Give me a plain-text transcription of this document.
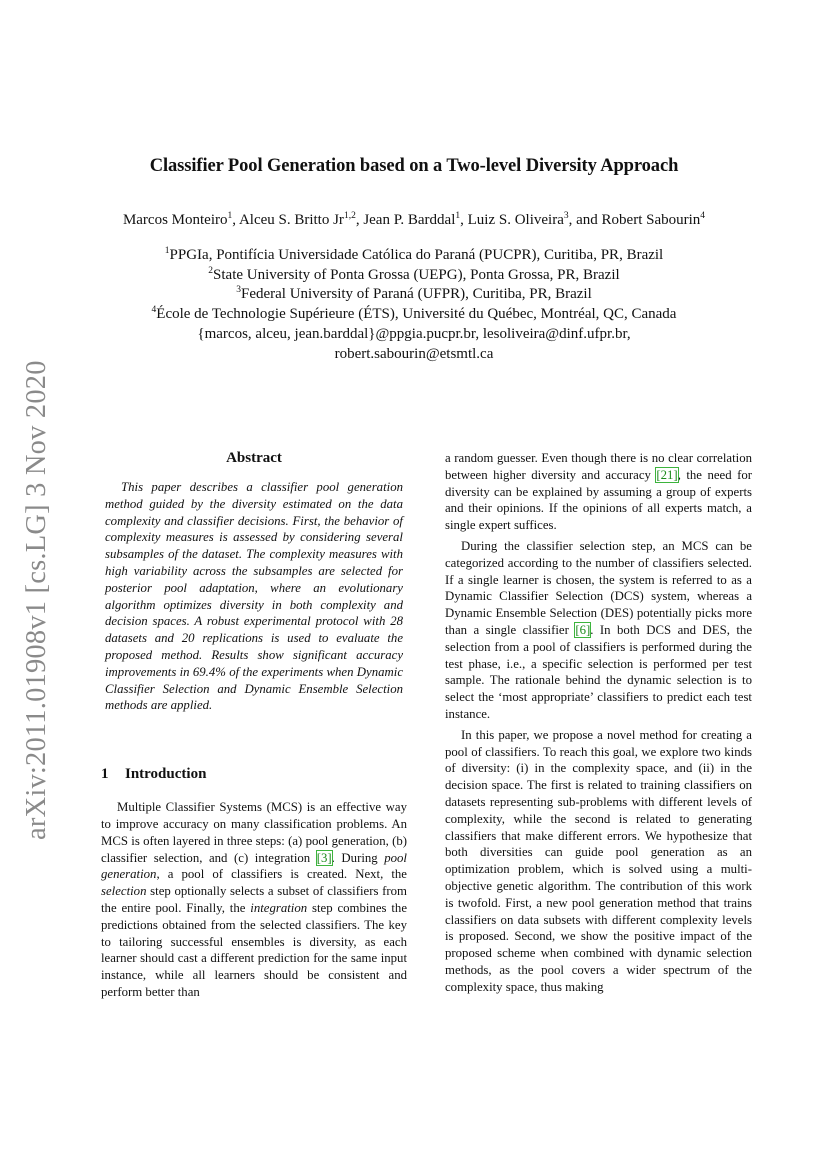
Classifier Pool Generation based on a Two-level Diversity Approach
Marcos Monteiro$^1$, Alceu S. Britto Jr$^{1,2}$, Jean P. Barddal$^1$, Luiz S. Oliveira$^3$, and Robert Sabourin$^4$
$^1$PPGIa, Pontifícia Universidade Católica do Paraná (PUCPR), Curitiba, PR, Brazil
$^2$State University of Ponta Grossa (UEPG), Ponta Grossa, PR, Brazil
$^3$Federal University of Paraná (UFPR), Curitiba, PR, Brazil
$^4$École de Technologie Supérieure (ÉTS), Université du Québec, Montréal, QC, Canada
{marcos, alceu, jean.barddal}@ppgia.pucpr.br, lesoliveira@dinf.ufpr.br,
robert.sabourin@etsmtl.ca
arXiv:2011.01908v1 [cs.LG] 3 Nov 2020	Abstract

This paper describes a classifier pool generation method guided by the diversity estimated on the data complexity and classifier decisions. First, the behavior of complexity measures is assessed by considering several subsamples of the dataset. The complexity measures with high variability across the subsamples are selected for posterior pool adaptation, where an evolutionary algorithm optimizes diversity in both complexity and decision spaces. A robust experimental protocol with 28 datasets and 20 replications is used to evaluate the proposed method. Results show significant accuracy improvements in 69.4% of the experiments when Dynamic Classifier Selection and Dynamic Ensemble Selection methods are applied.

1 Introduction

Multiple Classifier Systems (MCS) is an effective way to improve accuracy on many classification problems. An MCS is often layered in three steps: (a) pool generation, (b) classifier selection, and (c) integration [3]. During pool generation, a pool of classifiers is created. Next, the selection step optionally selects a subset of classifiers from the entire pool. Finally, the integration step combines the predictions obtained from the selected classifiers. The key to tailoring successful ensembles is diversity, as each learner should cast a different prediction for the same input instance, while all learners should be consistent and perform better than

a random guesser. Even though there is no clear correlation between higher diversity and accuracy [21], the need for diversity can be explained by assuming a group of experts and their opinions. If the opinions of all experts match, a single expert suffices.

During the classifier selection step, an MCS can be categorized according to the number of classifiers selected. If a single learner is chosen, the system is referred to as a Dynamic Classifier Selection (DCS) system, whereas a Dynamic Ensemble Selection (DES) potentially picks more than a single classifier [6]. In both DCS and DES, the selection from a pool of classifiers is performed during the test phase, i.e., a specific selection is performed per test sample. The rationale behind the dynamic selection is to select the ‘most appropriate’ classifiers to predict each test instance.

In this paper, we propose a novel method for creating a pool of classifiers. To reach this goal, we explore two kinds of diversity: (i) in the complexity space, and (ii) in the decision space. The first is related to training classifiers on datasets representing sub-problems with different levels of complexity, while the second is related to generating classifiers that make different errors. We hypothesize that both diversities can guide pool generation as an optimization problem, which is solved using a multi-objective genetic algorithm. The contribution of this work is twofold. First, a new pool generation method that trains classifiers on data subsets with different complexity levels is proposed. Second, we show the positive impact of the proposed scheme when combined with dynamic selection methods, as the pool covers a wider spectrum of the complexity space, thus making
